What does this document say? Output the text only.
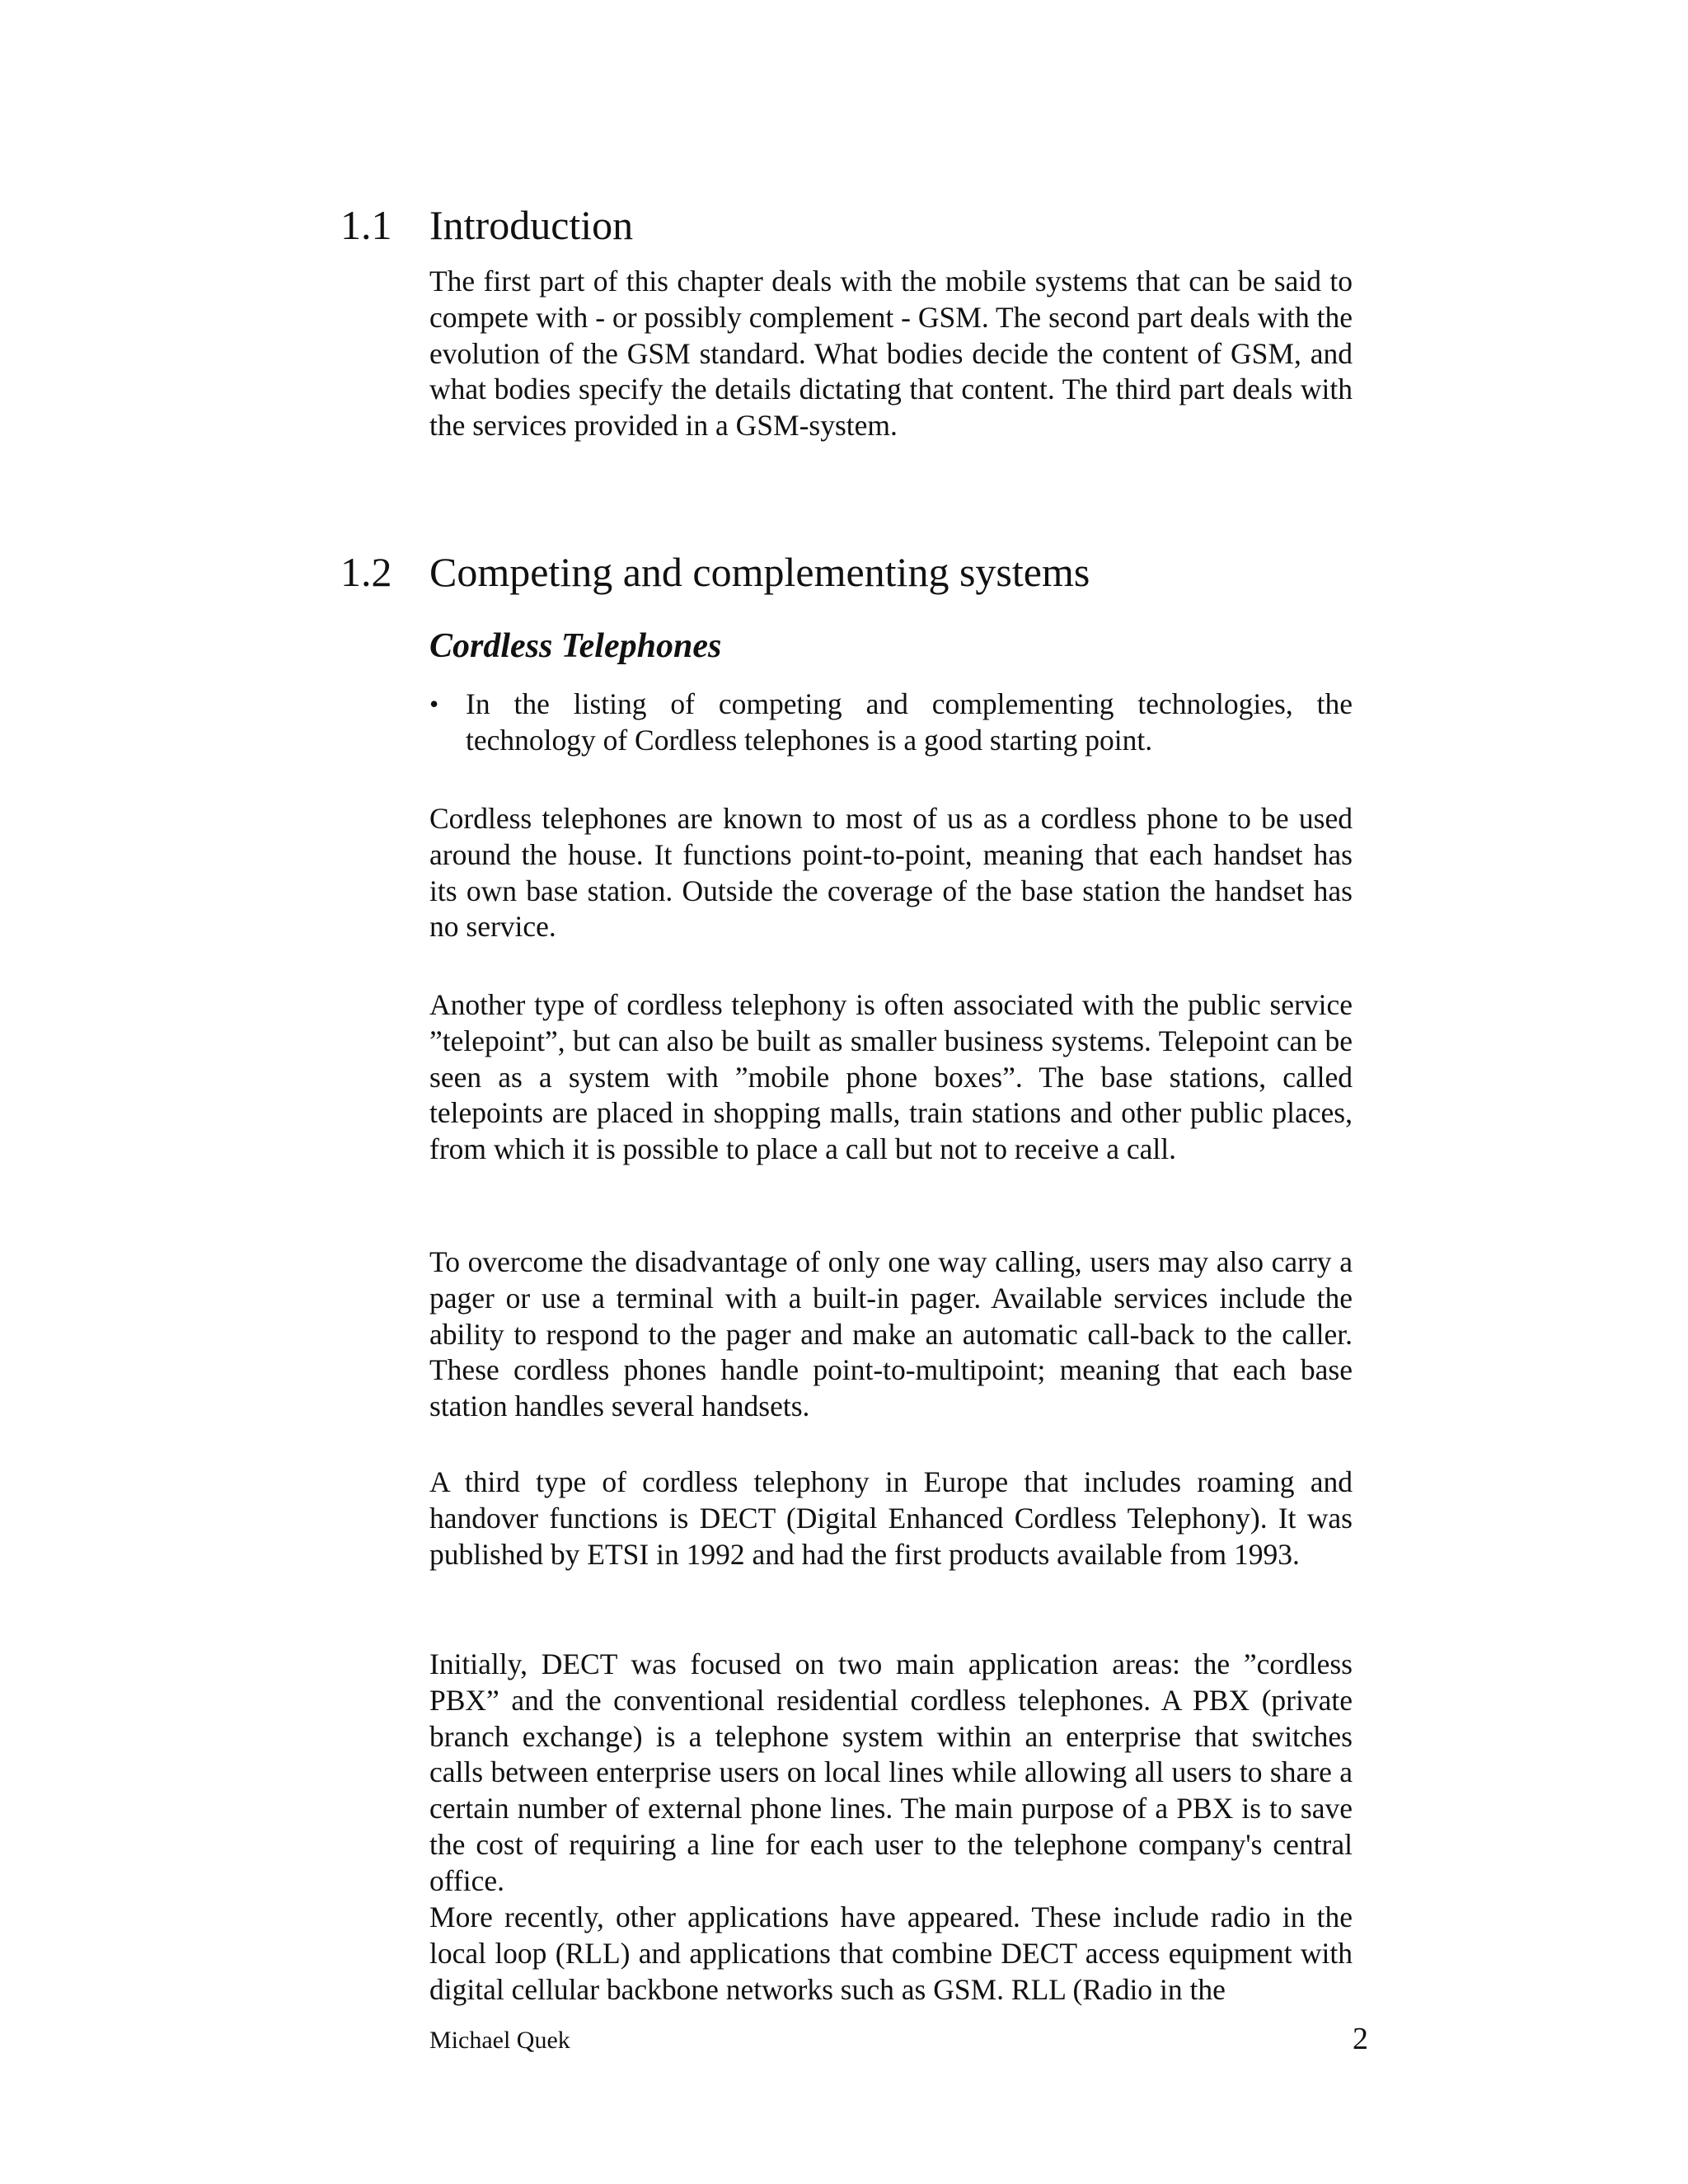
1.1 Introduction

The first part of this chapter deals with the mobile systems that can be said to compete with - or possibly complement - GSM. The second part deals with the evolution of the GSM standard. What bodies decide the content of GSM, and what bodies specify the details dictating that content. The third part deals with the services provided in a GSM-system.

1.2 Competing and complementing systems
Cordless Telephones
• In the listing of competing and complementing technologies, the technology of Cordless telephones is a good starting point.

Cordless telephones are known to most of us as a cordless phone to be used around the house. It functions point-to-point, meaning that each handset has its own base station. Outside the coverage of the base station the handset has no service.

Another type of cordless telephony is often associated with the public service ”telepoint”, but can also be built as smaller business systems. Telepoint can be seen as a system with ”mobile phone boxes”. The base stations, called telepoints are placed in shopping malls, train stations and other public places, from which it is possible to place a call but not to receive a call.

To overcome the disadvantage of only one way calling, users may also carry a pager or use a terminal with a built-in pager. Available services include the ability to respond to the pager and make an automatic call-back to the caller. These cordless phones handle point-to-multipoint; meaning that each base station handles several handsets.

A third type of cordless telephony in Europe that includes roaming and handover functions is DECT (Digital Enhanced Cordless Telephony). It was published by ETSI in 1992 and had the first products available from 1993.

Initially, DECT was focused on two main application areas: the ”cordless PBX” and the conventional residential cordless telephones. A PBX (private branch exchange) is a telephone system within an enterprise that switches calls between enterprise users on local lines while allowing all users to share a certain number of external phone lines. The main purpose of a PBX is to save the cost of requiring a line for each user to the telephone company's central office.

More recently, other applications have appeared. These include radio in the local loop (RLL) and applications that combine DECT access equipment with digital cellular backbone networks such as GSM. RLL (Radio in the

Michael Quek	2
